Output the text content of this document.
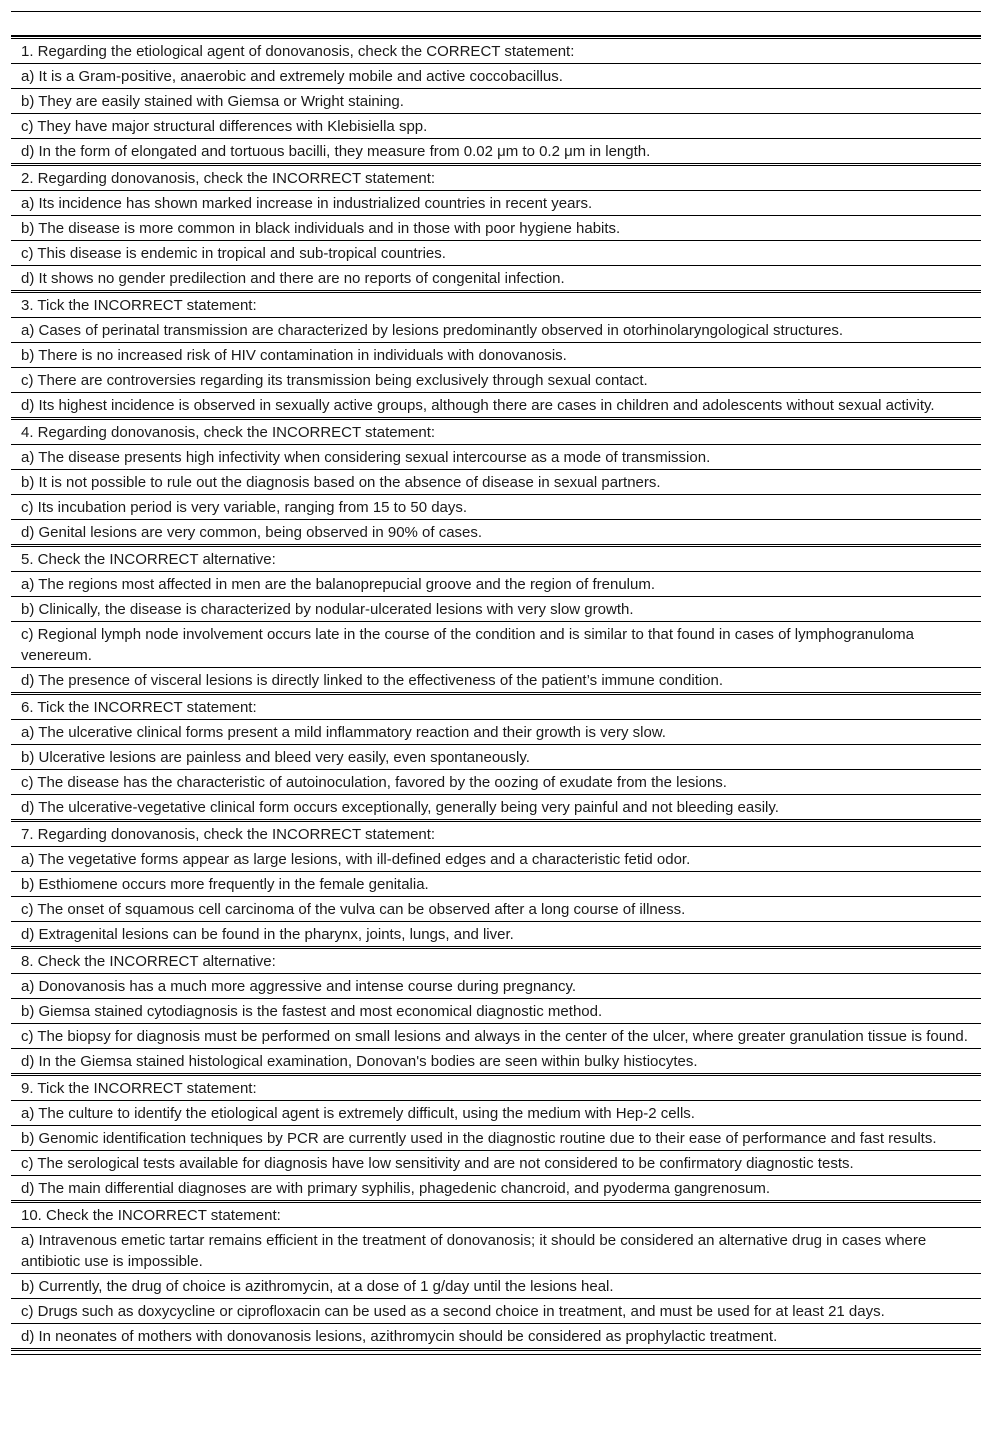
1. Regarding the etiological agent of donovanosis, check the CORRECT statement:
a) It is a Gram-positive, anaerobic and extremely mobile and active coccobacillus.
b) They are easily stained with Giemsa or Wright staining.
c) They have major structural differences with Klebisiella spp.
d) In the form of elongated and tortuous bacilli, they measure from 0.02 μm to 0.2 μm in length.
2. Regarding donovanosis, check the INCORRECT statement:
a) Its incidence has shown marked increase in industrialized countries in recent years.
b) The disease is more common in black individuals and in those with poor hygiene habits.
c) This disease is endemic in tropical and sub-tropical countries.
d) It shows no gender predilection and there are no reports of congenital infection.
3. Tick the INCORRECT statement:
a) Cases of perinatal transmission are characterized by lesions predominantly observed in otorhinolaryngological structures.
b) There is no increased risk of HIV contamination in individuals with donovanosis.
c) There are controversies regarding its transmission being exclusively through sexual contact.
d) Its highest incidence is observed in sexually active groups, although there are cases in children and adolescents without sexual activity.
4. Regarding donovanosis, check the INCORRECT statement:
a) The disease presents high infectivity when considering sexual intercourse as a mode of transmission.
b) It is not possible to rule out the diagnosis based on the absence of disease in sexual partners.
c) Its incubation period is very variable, ranging from 15 to 50 days.
d) Genital lesions are very common, being observed in 90% of cases.
5. Check the INCORRECT alternative:
a) The regions most affected in men are the balanoprepucial groove and the region of frenulum.
b) Clinically, the disease is characterized by nodular-ulcerated lesions with very slow growth.
c) Regional lymph node involvement occurs late in the course of the condition and is similar to that found in cases of lymphogranuloma venereum.
d) The presence of visceral lesions is directly linked to the effectiveness of the patient’s immune condition.
6. Tick the INCORRECT statement:
a) The ulcerative clinical forms present a mild inflammatory reaction and their growth is very slow.
b) Ulcerative lesions are painless and bleed very easily, even spontaneously.
c) The disease has the characteristic of autoinoculation, favored by the oozing of exudate from the lesions.
d) The ulcerative-vegetative clinical form occurs exceptionally, generally being very painful and not bleeding easily.
7. Regarding donovanosis, check the INCORRECT statement:
a) The vegetative forms appear as large lesions, with ill-defined edges and a characteristic fetid odor.
b) Esthiomene occurs more frequently in the female genitalia.
c) The onset of squamous cell carcinoma of the vulva can be observed after a long course of illness.
d) Extragenital lesions can be found in the pharynx, joints, lungs, and liver.
8. Check the INCORRECT alternative:
a) Donovanosis has a much more aggressive and intense course during pregnancy.
b) Giemsa stained cytodiagnosis is the fastest and most economical diagnostic method.
c) The biopsy for diagnosis must be performed on small lesions and always in the center of the ulcer, where greater granulation tissue is found.
d) In the Giemsa stained histological examination, Donovan's bodies are seen within bulky histiocytes.
9. Tick the INCORRECT statement:
a) The culture to identify the etiological agent is extremely difficult, using the medium with Hep-2 cells.
b) Genomic identification techniques by PCR are currently used in the diagnostic routine due to their ease of performance and fast results.
c) The serological tests available for diagnosis have low sensitivity and are not considered to be confirmatory diagnostic tests.
d) The main differential diagnoses are with primary syphilis, phagedenic chancroid, and pyoderma gangrenosum.
10. Check the INCORRECT statement:
a) Intravenous emetic tartar remains efficient in the treatment of donovanosis; it should be considered an alternative drug in cases where antibiotic use is impossible.
b) Currently, the drug of choice is azithromycin, at a dose of 1 g/day until the lesions heal.
c) Drugs such as doxycycline or ciprofloxacin can be used as a second choice in treatment, and must be used for at least 21 days.
d) In neonates of mothers with donovanosis lesions, azithromycin should be considered as prophylactic treatment.
